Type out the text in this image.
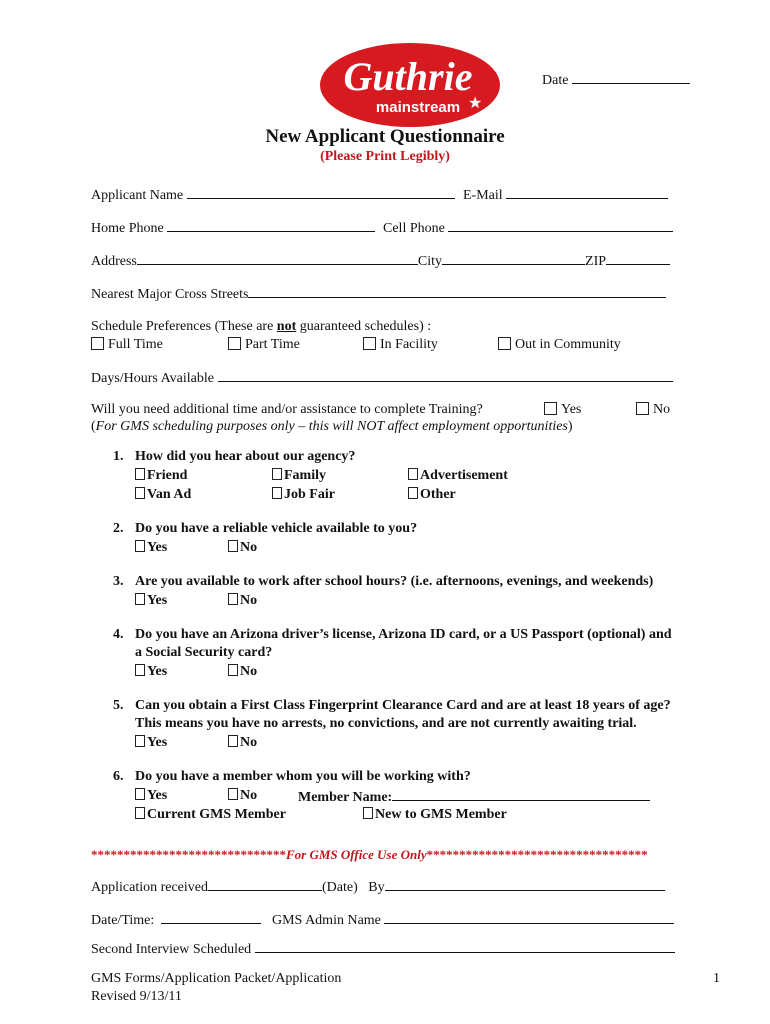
Guthrie
mainstream ★
Date
New Applicant Questionnaire
(Please Print Legibly)
Applicant Name	E-Mail
Home Phone	Cell Phone
Address	City	ZIP
Nearest Major Cross Streets
Schedule Preferences (These are not guaranteed schedules) :
Full Time	Part Time	In Facility	Out in Community
Days/Hours Available
Will you need additional time and/or assistance to complete Training?	Yes	No
(For GMS scheduling purposes only – this will NOT affect employment opportunities)
1. How did you hear about our agency?
Friend	Family	Advertisement
Van Ad	Job Fair	Other
2. Do you have a reliable vehicle available to you?
Yes	No
3. Are you available to work after school hours? (i.e. afternoons, evenings, and weekends)
Yes	No
4. Do you have an Arizona driver’s license, Arizona ID card, or a US Passport (optional) and
a Social Security card?
Yes	No
5. Can you obtain a First Class Fingerprint Clearance Card and are at least 18 years of age?
This means you have no arrests, no convictions, and are not currently awaiting trial.
Yes	No
6. Do you have a member whom you will be working with?
Yes	No	Member Name:
Current GMS Member	New to GMS Member
******************************For GMS Office Use Only**********************************
Application received	(Date) By
Date/Time:	GMS Admin Name
Second Interview Scheduled
GMS Forms/Application Packet/Application
Revised 9/13/11
1
